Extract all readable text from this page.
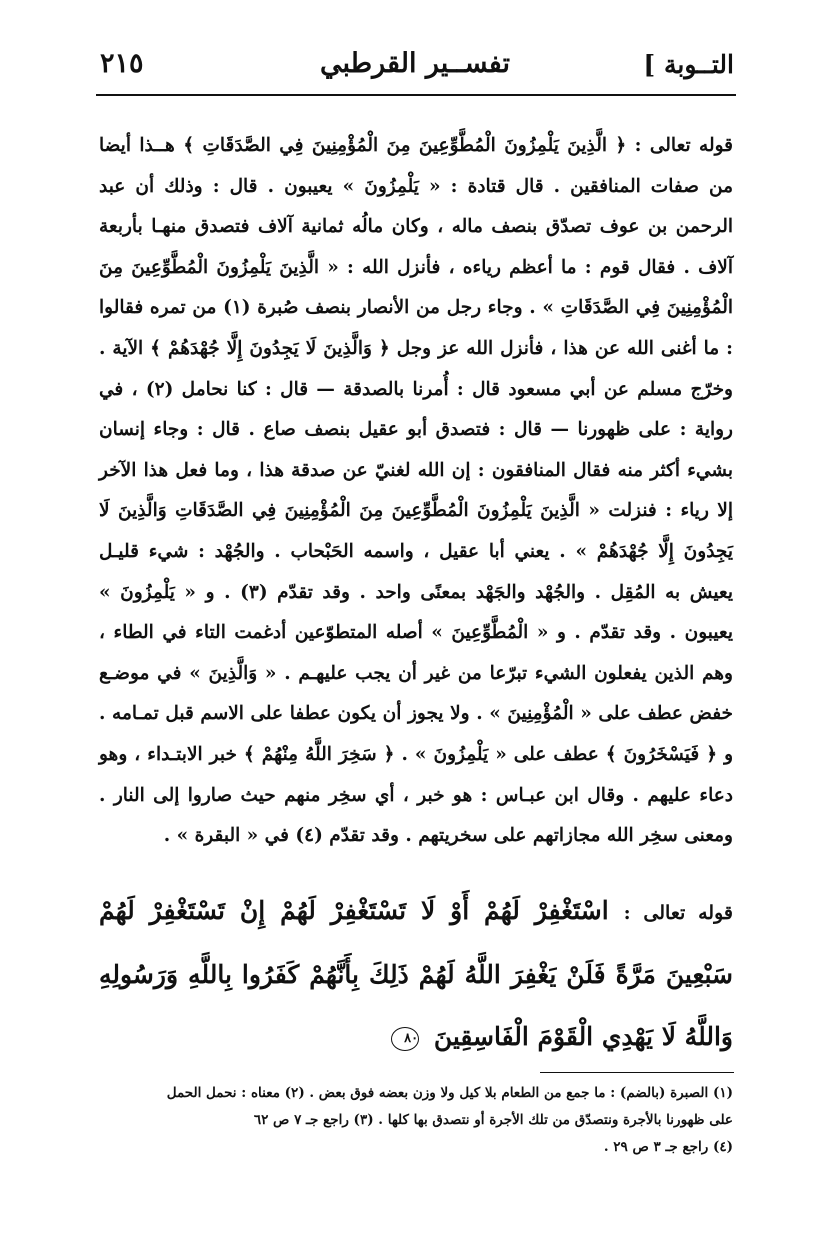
التــوبة ]
تفســير القرطبي
٢١٥

قوله تعالى : ﴿ الَّذِينَ يَلْمِزُونَ الْمُطَّوِّعِينَ مِنَ الْمُؤْمِنِينَ فِي الصَّدَقَاتِ ﴾ هــذا أيضا من صفات المنافقين . قال قتادة : « يَلْمِزُونَ » يعيبون . قال : وذلك أن عبد الرحمن بن عوف تصدّق بنصف ماله ، وكان مالُه ثمانية آلاف فتصدق منهـا بأربعة آلاف . فقال قوم : ما أعظم رياءه ، فأنزل الله : « الَّذِينَ يَلْمِزُونَ الْمُطَّوِّعِينَ مِنَ الْمُؤْمِنِينَ فِي الصَّدَقَاتِ » . وجاء رجل من الأنصار بنصف صُبرة (١) من تمره فقالوا : ما أغنى الله عن هذا ، فأنزل الله عز وجل ﴿ وَالَّذِينَ لَا يَجِدُونَ إِلَّا جُهْدَهُمْ ﴾ الآية . وخرّج مسلم عن أبي مسعود قال : أُمرنا بالصدقة — قال : كنا نحامل (٢) ، في رواية : على ظهورنا — قال : فتصدق أبو عقيل بنصف صاع . قال : وجاء إنسان بشيء أكثر منه فقال المنافقون : إن الله لغنيّ عن صدقة هذا ، وما فعل هذا الآخر إلا رياء : فنزلت « الَّذِينَ يَلْمِزُونَ الْمُطَّوِّعِينَ مِنَ الْمُؤْمِنِينَ فِي الصَّدَقَاتِ وَالَّذِينَ لَا يَجِدُونَ إِلَّا جُهْدَهُمْ » . يعني أبا عقيل ، واسمه الحَبْحاب . والجُهْد : شيء قليـل يعيش به المُقِل . والجُهْد والجَهْد بمعنًى واحد . وقد تقدّم (٣) . و « يَلْمِزُونَ » يعيبون . وقد تقدّم . و « الْمُطَّوِّعِينَ » أصله المتطوّعين أدغمت التاء في الطاء ، وهم الذين يفعلون الشيء تبرّعا من غير أن يجب عليهـم . « وَالَّذِينَ » في موضـع خفض عطف على « الْمُؤْمِنِينَ » . ولا يجوز أن يكون عطفا على الاسم قبل تمـامه . و ﴿ فَيَسْخَرُونَ ﴾ عطف على « يَلْمِزُونَ » . ﴿ سَخِرَ اللَّهُ مِنْهُمْ ﴾ خبر الابتـداء ، وهو دعاء عليهم . وقال ابن عبـاس : هو خبر ، أي سخِر منهم حيث صاروا إلى النار . ومعنى سخِر الله مجازاتهم على سخريتهم . وقد تقدّم (٤) في « البقرة » .

قوله تعالى : اسْتَغْفِرْ لَهُمْ أَوْ لَا تَسْتَغْفِرْ لَهُمْ إِنْ تَسْتَغْفِرْ لَهُمْ سَبْعِينَ مَرَّةً فَلَنْ يَغْفِرَ اللَّهُ لَهُمْ ذَلِكَ بِأَنَّهُمْ كَفَرُوا بِاللَّهِ وَرَسُولِهِ وَاللَّهُ لَا يَهْدِي الْقَوْمَ الْفَاسِقِينَ ٨٠

(١) الصبرة (بالضم) : ما جمع من الطعام بلا كيل ولا وزن بعضه فوق بعض . (٢) معناه : نحمل الحمل

على ظهورنا بالأجرة ونتصدّق من تلك الأجرة أو نتصدق بها كلها . (٣) راجع جـ ٧ ص ٦٢

(٤) راجع جـ ٣ ص ٢٩ .
